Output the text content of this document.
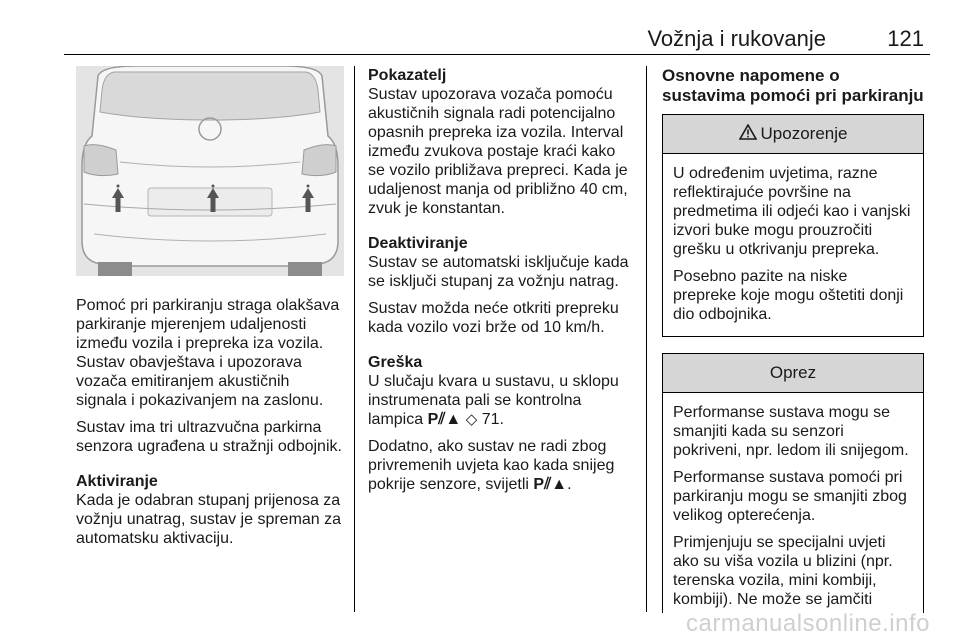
Vožnja i rukovanje	121

Pomoć pri parkiranju straga olakšava parkiranje mjerenjem udaljenosti između vozila i prepreka iza vozila. Sustav obavještava i upozorava vozača emitiranjem akustičnih signala i pokazivanjem na zaslonu.

Sustav ima tri ultrazvučna parkirna senzora ugrađena u stražnji odbojnik.

Aktiviranje

Kada je odabran stupanj prijenosa za vožnju unatrag, sustav je spreman za automatsku aktivaciju.

Pokazatelj

Sustav upozorava vozača pomoću akustičnih signala radi potencijalno opasnih prepreka iza vozila. Interval između zvukova postaje kraći kako se vozilo približava prepreci. Kada je udaljenost manja od približno 40 cm, zvuk je konstantan.

Deaktiviranje

Sustav se automatski isključuje kada se isključi stupanj za vožnju natrag.

Sustav možda neće otkriti prepreku kada vozilo vozi brže od 10 km/h.

Greška

U slučaju kvara u sustavu, u sklopu instrumenata pali se kontrolna lampica P⫽▲ ◇ 71.

Dodatno, ako sustav ne radi zbog privremenih uvjeta kao kada snijeg pokrije senzore, svijetli P⫽▲.

Osnovne napomene o sustavima pomoći pri parkiranju
Upozorenje

U određenim uvjetima, razne reflektirajuće površine na predmetima ili odjeći kao i vanjski izvori buke mogu prouzročiti grešku u otkrivanju prepreka.

Posebno pazite na niske prepreke koje mogu oštetiti donji dio odbojnika.

Oprez

Performanse sustava mogu se smanjiti kada su senzori pokriveni, npr. ledom ili snijegom.

Performanse sustava pomoći pri parkiranju mogu se smanjiti zbog velikog opterećenja.

Primjenjuju se specijalni uvjeti ako su viša vozila u blizini (npr. terenska vozila, mini kombiji, kombiji). Ne može se jamčiti

carmanualsonline.info
